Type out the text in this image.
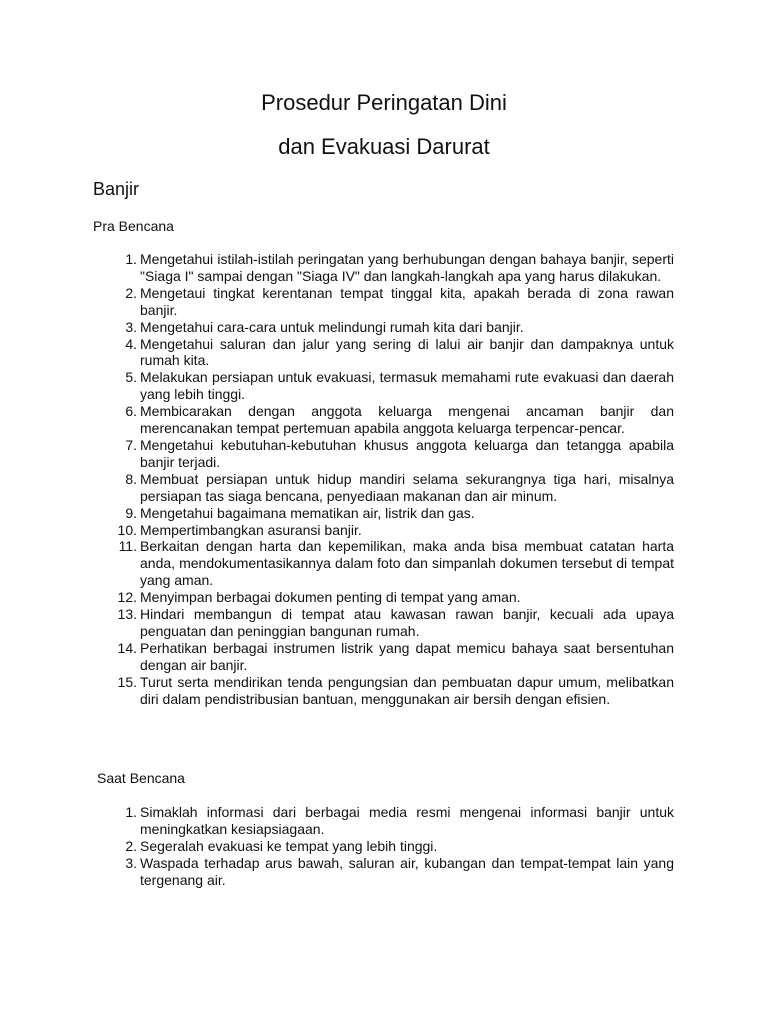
Prosedur Peringatan Dini
dan Evakuasi Darurat
Banjir
Pra Bencana
1. Mengetahui istilah-istilah peringatan yang berhubungan dengan bahaya banjir, seperti "Siaga I" sampai dengan "Siaga IV" dan langkah-langkah apa yang harus dilakukan.
2. Mengetaui tingkat kerentanan tempat tinggal kita, apakah berada di zona rawan banjir.
3. Mengetahui cara-cara untuk melindungi rumah kita dari banjir.
4. Mengetahui saluran dan jalur yang sering di lalui air banjir dan dampaknya untuk rumah kita.
5. Melakukan persiapan untuk evakuasi, termasuk memahami rute evakuasi dan daerah yang lebih tinggi.
6. Membicarakan dengan anggota keluarga mengenai ancaman banjir dan merencanakan tempat pertemuan apabila anggota keluarga terpencar-pencar.
7. Mengetahui kebutuhan-kebutuhan khusus anggota keluarga dan tetangga apabila banjir terjadi.
8. Membuat persiapan untuk hidup mandiri selama sekurangnya tiga hari, misalnya persiapan tas siaga bencana, penyediaan makanan dan air minum.
9. Mengetahui bagaimana mematikan air, listrik dan gas.
10. Mempertimbangkan asuransi banjir.
11. Berkaitan dengan harta dan kepemilikan, maka anda bisa membuat catatan harta anda, mendokumentasikannya dalam foto dan simpanlah dokumen tersebut di tempat yang aman.
12. Menyimpan berbagai dokumen penting di tempat yang aman.
13. Hindari membangun di tempat atau kawasan rawan banjir, kecuali ada upaya penguatan dan peninggian bangunan rumah.
14. Perhatikan berbagai instrumen listrik yang dapat memicu bahaya saat bersentuhan dengan air banjir.
15. Turut serta mendirikan tenda pengungsian dan pembuatan dapur umum, melibatkan diri dalam pendistribusian bantuan, menggunakan air bersih dengan efisien.
Saat Bencana
1. Simaklah informasi dari berbagai media resmi mengenai informasi banjir untuk meningkatkan kesiapsiagaan.
2. Segeralah evakuasi ke tempat yang lebih tinggi.
3. Waspada terhadap arus bawah, saluran air, kubangan dan tempat-tempat lain yang tergenang air.
